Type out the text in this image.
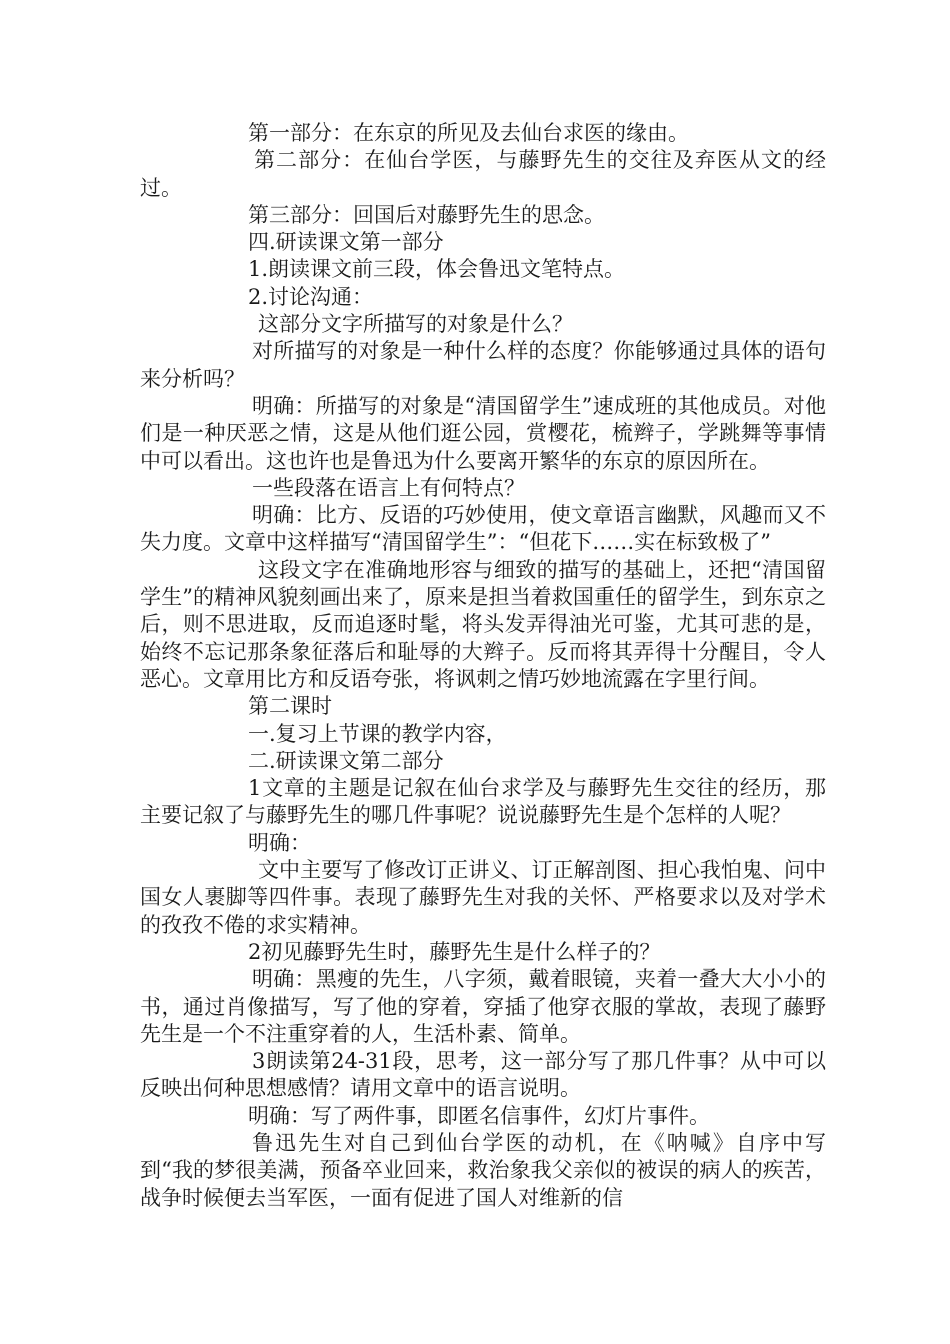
第一部分：在东京的所见及去仙台求医的缘由。

第二部分：在仙台学医，与藤野先生的交往及弃医从文的经过。

第三部分：回国后对藤野先生的思念。

四.研读课文第一部分

1.朗读课文前三段，体会鲁迅文笔特点。

2.讨论沟通：

这部分文字所描写的对象是什么？

对所描写的对象是一种什么样的态度？你能够通过具体的语句来分析吗？

明确：所描写的对象是“清国留学生”速成班的其他成员。对他们是一种厌恶之情，这是从他们逛公园，赏樱花，梳辫子，学跳舞等事情中可以看出。这也许也是鲁迅为什么要离开繁华的东京的原因所在。

一些段落在语言上有何特点？

明确：比方、反语的巧妙使用，使文章语言幽默，风趣而又不失力度。文章中这样描写“清国留学生”：“但花下……实在标致极了”

这段文字在准确地形容与细致的描写的基础上，还把“清国留学生”的精神风貌刻画出来了，原来是担当着救国重任的留学生，到东京之后，则不思进取，反而追逐时髦，将头发弄得油光可鉴，尤其可悲的是，始终不忘记那条象征落后和耻辱的大辫子。反而将其弄得十分醒目，令人恶心。文章用比方和反语夸张，将讽刺之情巧妙地流露在字里行间。

第二课时

一.复习上节课的教学内容，

二.研读课文第二部分

1文章的主题是记叙在仙台求学及与藤野先生交往的经历，那主要记叙了与藤野先生的哪几件事呢？说说藤野先生是个怎样的人呢？

明确：

文中主要写了修改订正讲义、订正解剖图、担心我怕鬼、问中国女人裹脚等四件事。表现了藤野先生对我的关怀、严格要求以及对学术的孜孜不倦的求实精神。

2初见藤野先生时，藤野先生是什么样子的？

明确：黑瘦的先生，八字须，戴着眼镜，夹着一叠大大小小的书，通过肖像描写，写了他的穿着，穿插了他穿衣服的掌故，表现了藤野先生是一个不注重穿着的人，生活朴素、简单。

3朗读第24-31段，思考，这一部分写了那几件事？从中可以反映出何种思想感情？请用文章中的语言说明。

明确：写了两件事，即匿名信事件，幻灯片事件。

鲁迅先生对自己到仙台学医的动机，在《呐喊》自序中写到“我的梦很美满，预备卒业回来，救治象我父亲似的被误的病人的疾苦，战争时候便去当军医，一面有促进了国人对维新的信
